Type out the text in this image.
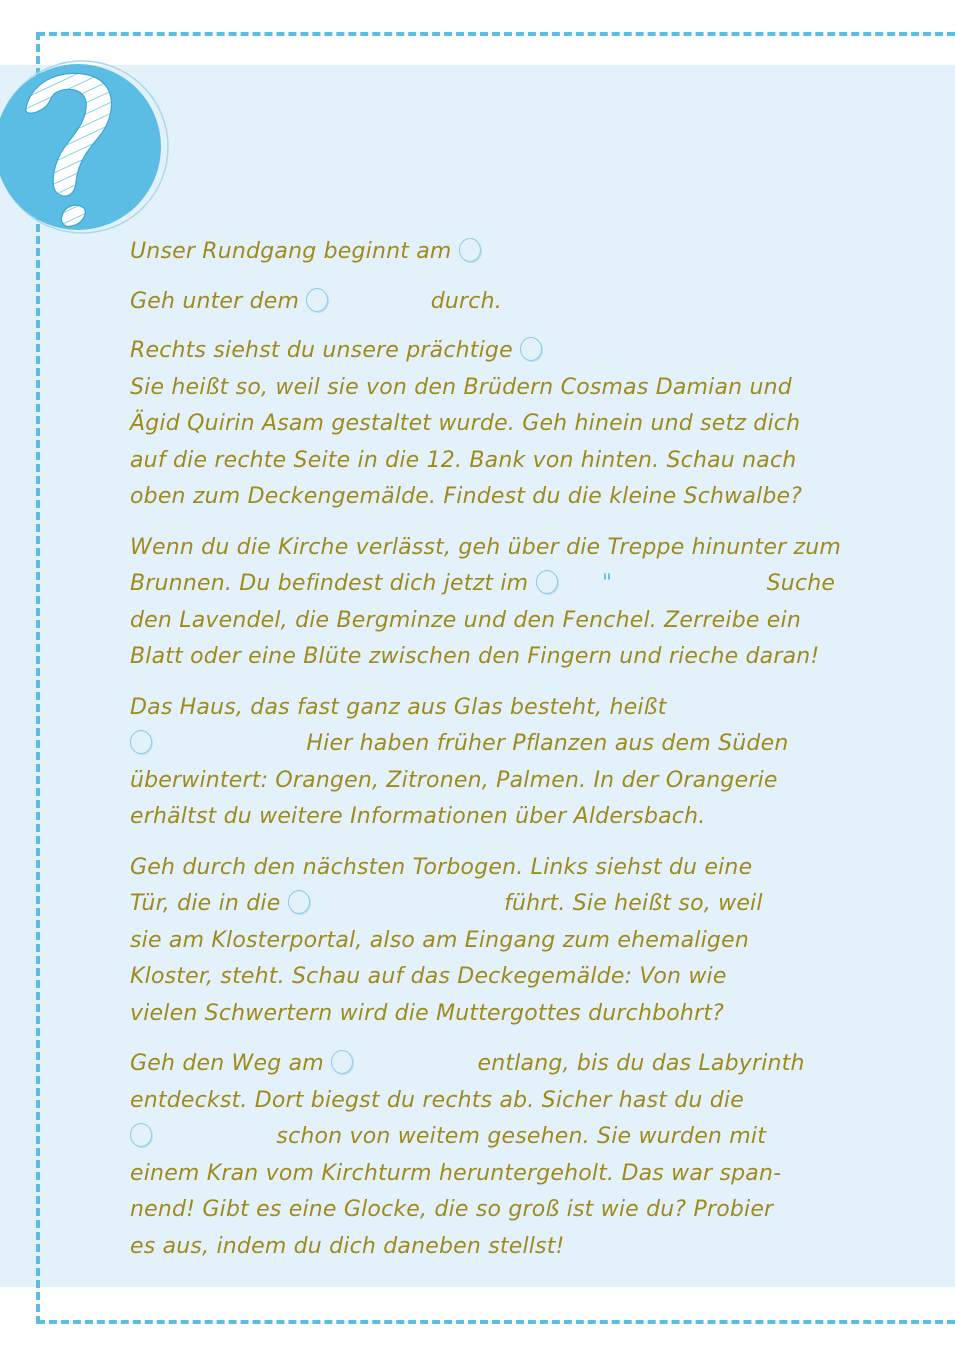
Unser Rundgang beginnt am
Geh unter dem	durch.
Rechts siehst du unsere prächtige
Sie heißt so, weil sie von den Brüdern Cosmas Damian und
Ägid Quirin Asam gestaltet wurde. Geh hinein und setz dich
auf die rechte Seite in die 12. Bank von hinten. Schau nach
oben zum Deckengemälde. Findest du die kleine Schwalbe?
Wenn du die Kirche verlässt, geh über die Treppe hinunter zum
Brunnen. Du befindest dich jetzt im	"	Suche
den Lavendel, die Bergminze und den Fenchel. Zerreibe ein
Blatt oder eine Blüte zwischen den Fingern und rieche daran!
Das Haus, das fast ganz aus Glas besteht, heißt
Hier haben früher Pflanzen aus dem Süden
überwintert: Orangen, Zitronen, Palmen. In der Orangerie
erhältst du weitere Informationen über Aldersbach.
Geh durch den nächsten Torbogen. Links siehst du eine
Tür, die in die	führt. Sie heißt so, weil
sie am Klosterportal, also am Eingang zum ehemaligen
Kloster, steht. Schau auf das Deckegemälde: Von wie
vielen Schwertern wird die Muttergottes durchbohrt?
Geh den Weg am	entlang, bis du das Labyrinth
entdeckst. Dort biegst du rechts ab. Sicher hast du die
schon von weitem gesehen. Sie wurden mit
einem Kran vom Kirchturm heruntergeholt. Das war span-
nend! Gibt es eine Glocke, die so groß ist wie du? Probier
es aus, indem du dich daneben stellst!
